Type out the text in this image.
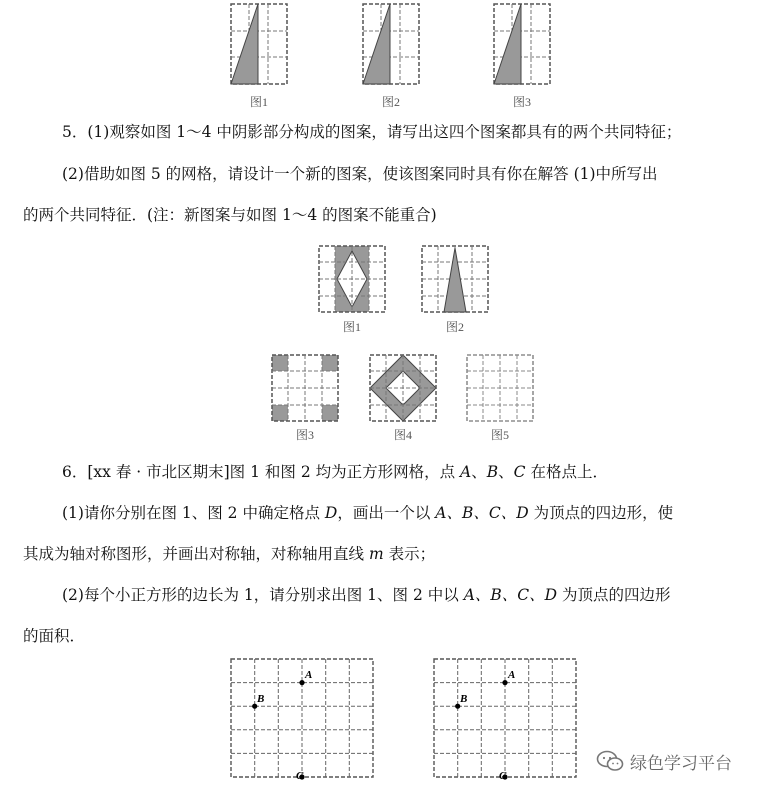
图1	图2	图3
5．(1)观察如图 1～4 中阴影部分构成的图案，请写出这四个图案都具有的两个共同特征；
(2)借助如图 5 的网格，请设计一个新的图案，使该图案同时具有你在解答 (1)中所写出
的两个共同特征．(注：新图案与如图 1～4 的图案不能重合)
图1	图2
图3	图4	图5
6．[xx 春 · 市北区期末]图 1 和图 2 均为正方形网格，点 A、B、C 在格点上．
(1)请你分别在图 1、图 2 中确定格点 D，画出一个以 A、B、C、D 为顶点的四边形，使
其成为轴对称图形，并画出对称轴，对称轴用直线 m 表示；
(2)每个小正方形的边长为 1，请分别求出图 1、图 2 中以 A、B、C、D 为顶点的四边形
的面积．
A
B
C
A
B
C
绿色学习平台
